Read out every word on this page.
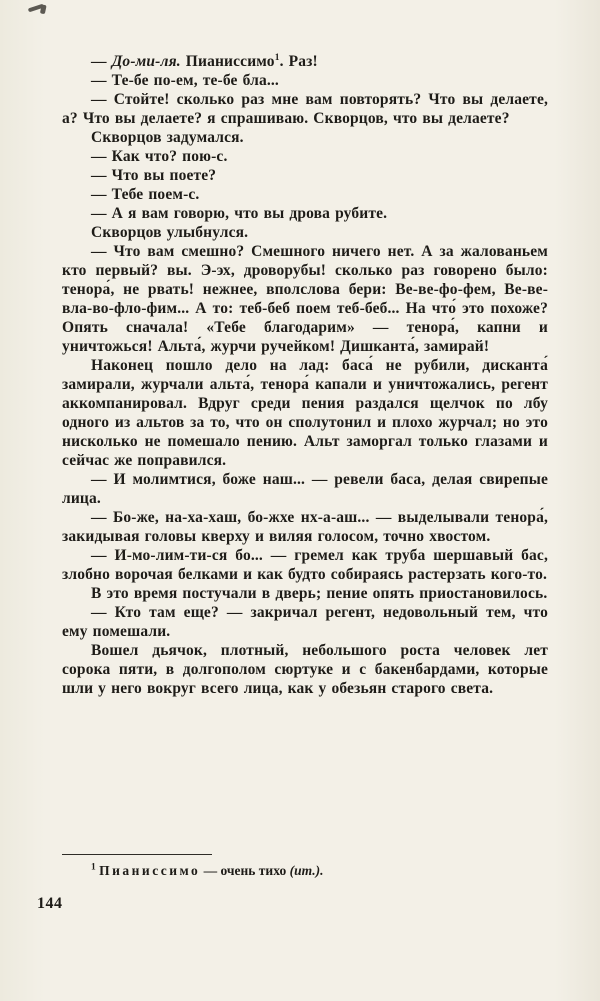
— До-ми-ля. Пианиссимо$^1$. Раз!

— Те-бе по-ем, те-бе бла...

— Стойте! сколько раз мне вам повторять? Что вы делаете, а? Что вы делаете? я спрашиваю. Скворцов, что вы делаете?

Скворцов задумался.

— Как что? пою-с.

— Что вы поете?

— Тебе поем-с.

— А я вам говорю, что вы дрова рубите.

Скворцов улыбнулся.

— Что вам смешно? Смешного ничего нет. А за жалованьем кто первый? вы. Э-эх, дроворубы! сколько раз говорено было: тенора́, не рвать! нежнее, вполслова бери: Ве-ве-фо-фем, Ве-ве-вла-во-фло-фим... А то: теб-беб поем теб-беб... На что́ это похоже? Опять сначала! «Тебе благодарим» — тенора́, капни и уничтожься! Альта́, журчи ручейком! Дишканта́, замирай!

Наконец пошло дело на лад: баса́ не рубили, дисканта́ замирали, журчали альта́, тенора́ капали и уничтожались, регент аккомпанировал. Вдруг среди пения раздался щелчок по лбу одного из альтов за то, что он сполутонил и плохо журчал; но это нисколько не помешало пению. Альт заморгал только глазами и сейчас же поправился.

— И молимтися, боже наш... — ревели баса, делая свирепые лица.

— Бо-же, на-ха-хаш, бо-жхе нх-а-аш... — выделывали тенора́, закидывая головы кверху и виляя голосом, точно хвостом.

— И-мо-лим-ти-ся бо... — гремел как труба шершавый бас, злобно ворочая белками и как будто собираясь растерзать кого-то.

В это время постучали в дверь; пение опять приостановилось.

— Кто там еще? — закричал регент, недовольный тем, что ему помешали.

Вошел дьячок, плотный, небольшого роста человек лет сорока пяти, в долгополом сюртуке и с бакенбардами, которые шли у него вокруг всего лица, как у обезьян старого света.

$^1$ Пианиссимо — очень тихо (ит.).

144
